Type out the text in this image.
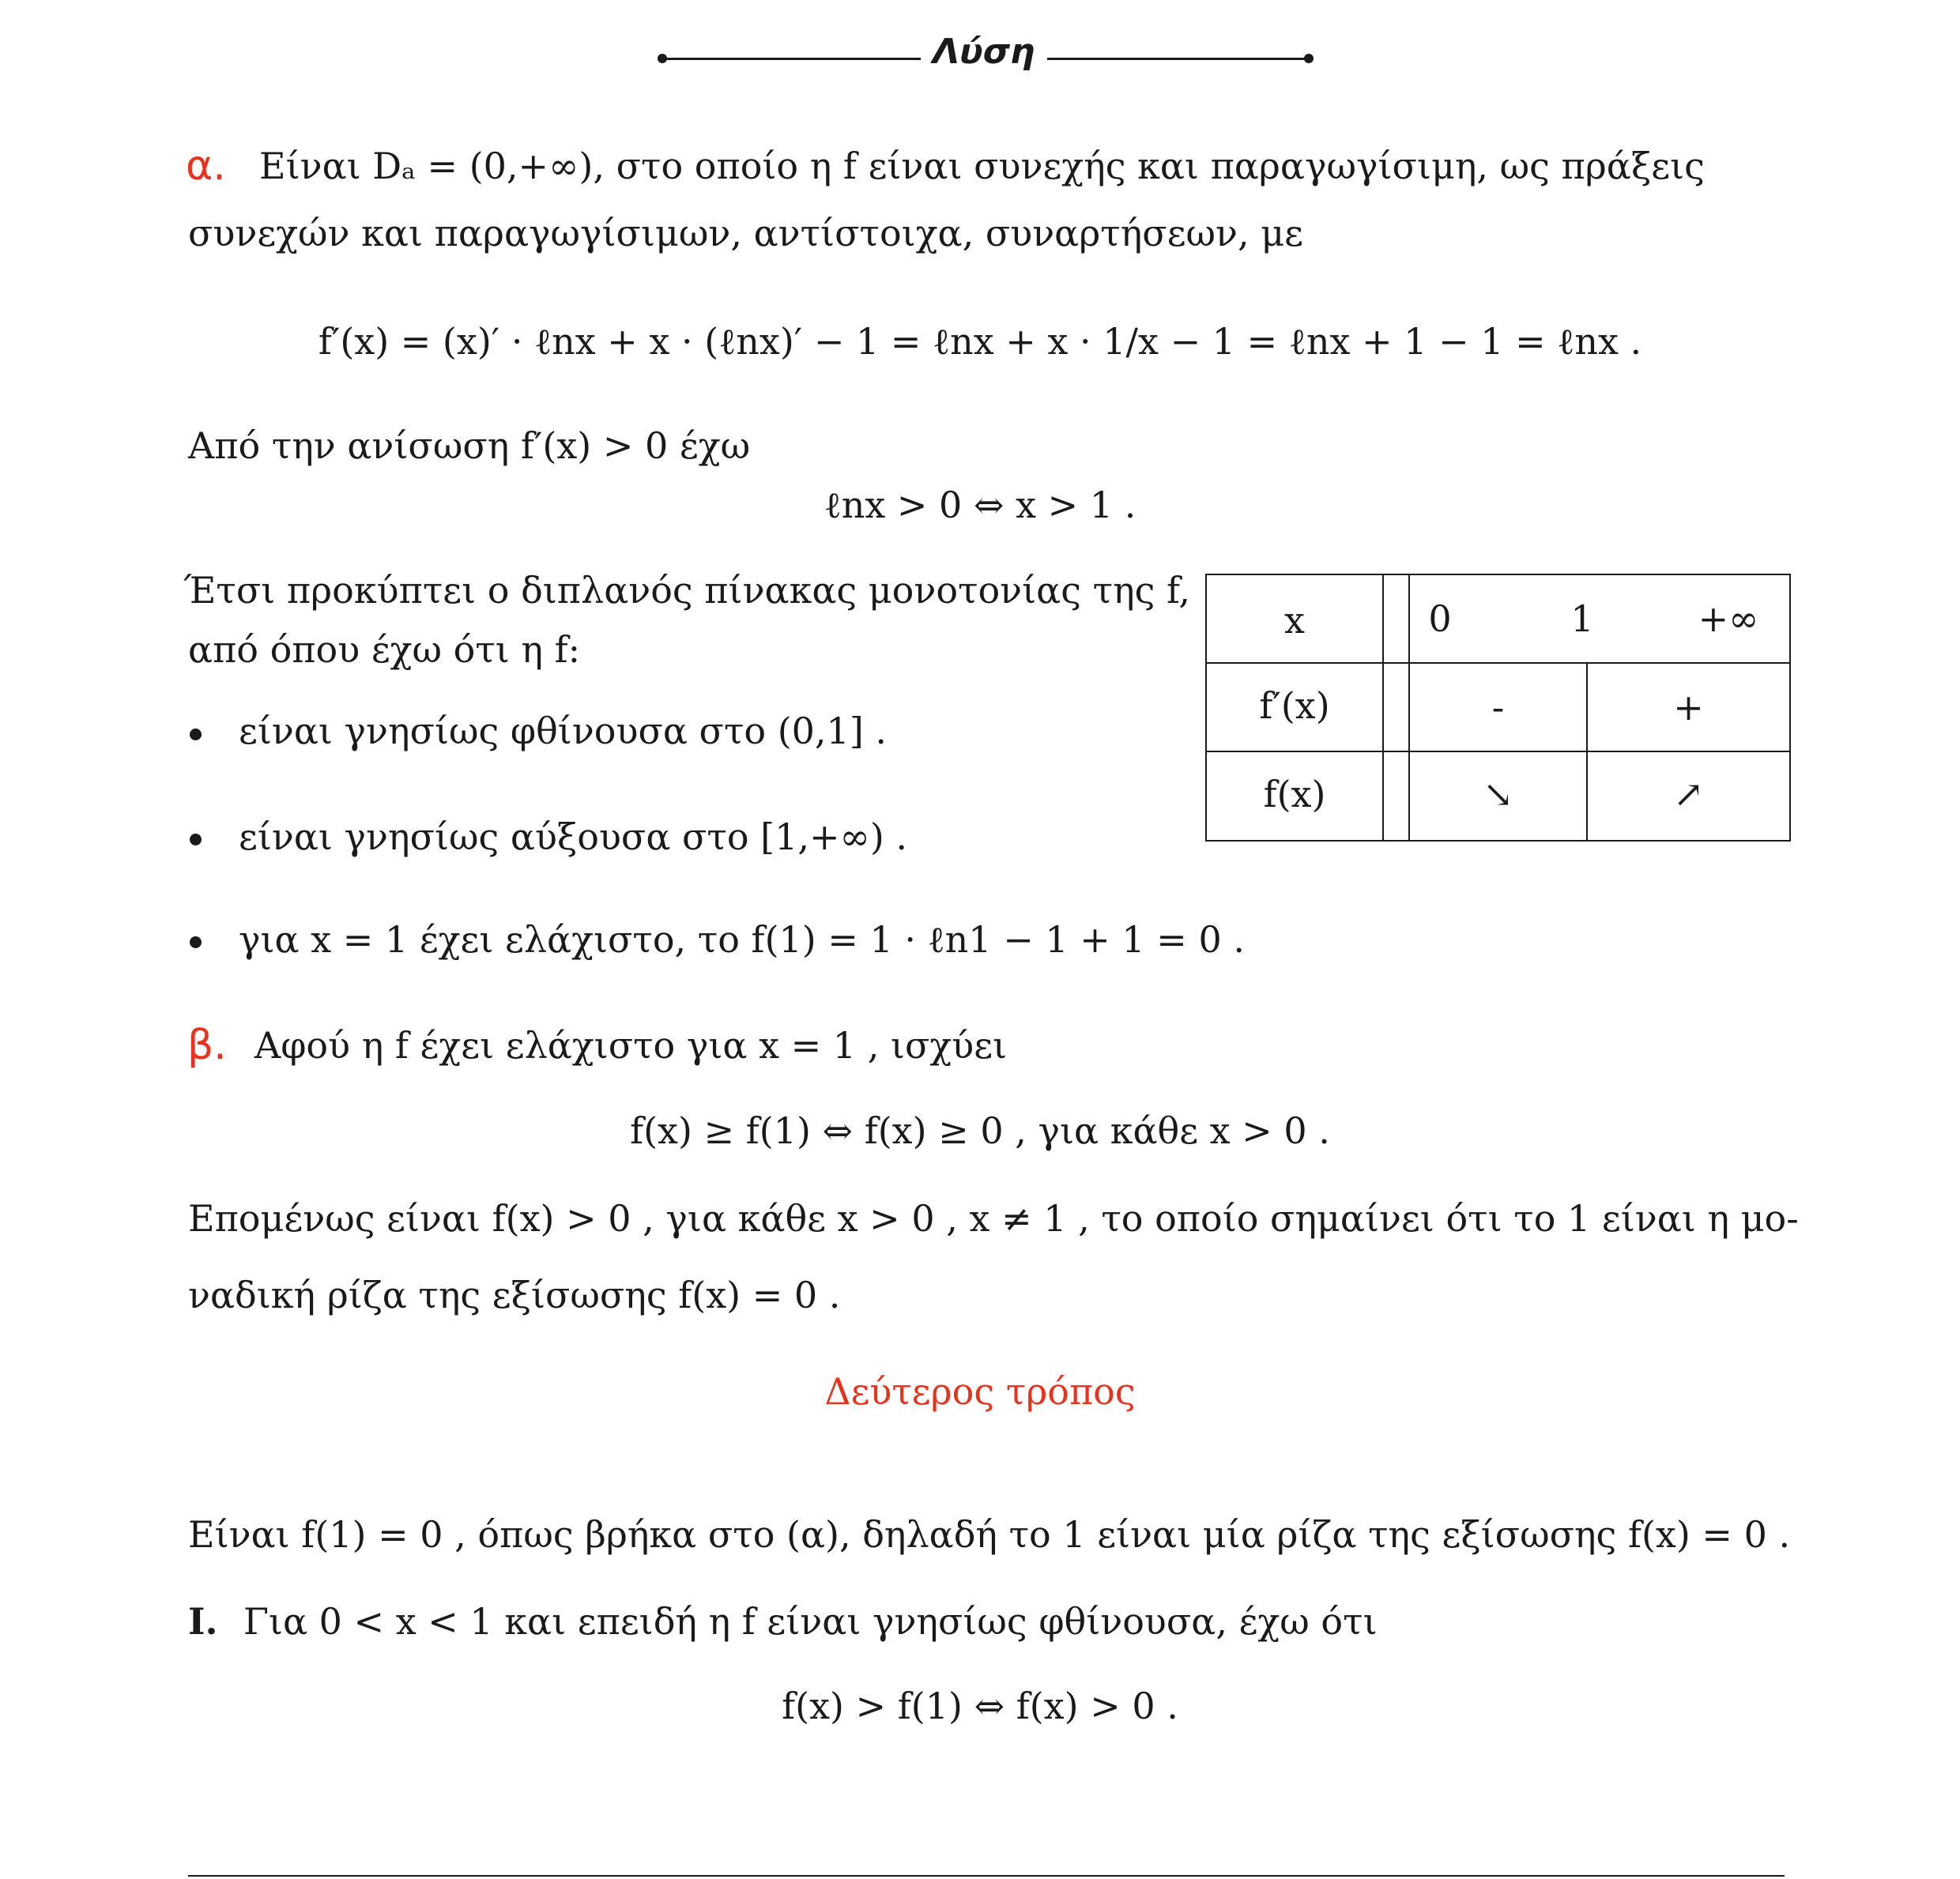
Λύση
α. Είναι Dₐ = (0,+∞), στο οποίο η f είναι συνεχής και παραγωγίσιμη, ως πράξεις
συνεχών και παραγωγίσιμων, αντίστοιχα, συναρτήσεων, με
f′(x) = (x)′ · ℓnx + x · (ℓnx)′ − 1 = ℓnx + x · 1/x − 1 = ℓnx + 1 − 1 = ℓnx .
Από την ανίσωση f′(x) > 0 έχω
ℓnx > 0 ⇔ x > 1 .
Έτσι προκύπτει ο διπλανός πίνακας μονοτονίας της f,
από όπου έχω ότι η f:
είναι γνησίως φθίνουσα στο (0,1] .
είναι γνησίως αύξουσα στο [1,+∞) .
για x = 1 έχει ελάχιστο, το f(1) = 1 · ℓn1 − 1 + 1 = 0 .
x	0	1	+∞
f′(x)	-	+
f(x)	↘	↗
β. Αφού η f έχει ελάχιστο για x = 1 , ισχύει
f(x) ≥ f(1) ⇔ f(x) ≥ 0 , για κάθε x > 0 .
Επομένως είναι f(x) > 0 , για κάθε x > 0 , x ≠ 1 , το οποίο σημαίνει ότι το 1 είναι η μο-
ναδική ρίζα της εξίσωσης f(x) = 0 .
Δεύτερος τρόπος
Είναι f(1) = 0 , όπως βρήκα στο (α), δηλαδή το 1 είναι μία ρίζα της εξίσωσης f(x) = 0 .
I. Για 0 < x < 1 και επειδή η f είναι γνησίως φθίνουσα, έχω ότι
f(x) > f(1) ⇔ f(x) > 0 .
